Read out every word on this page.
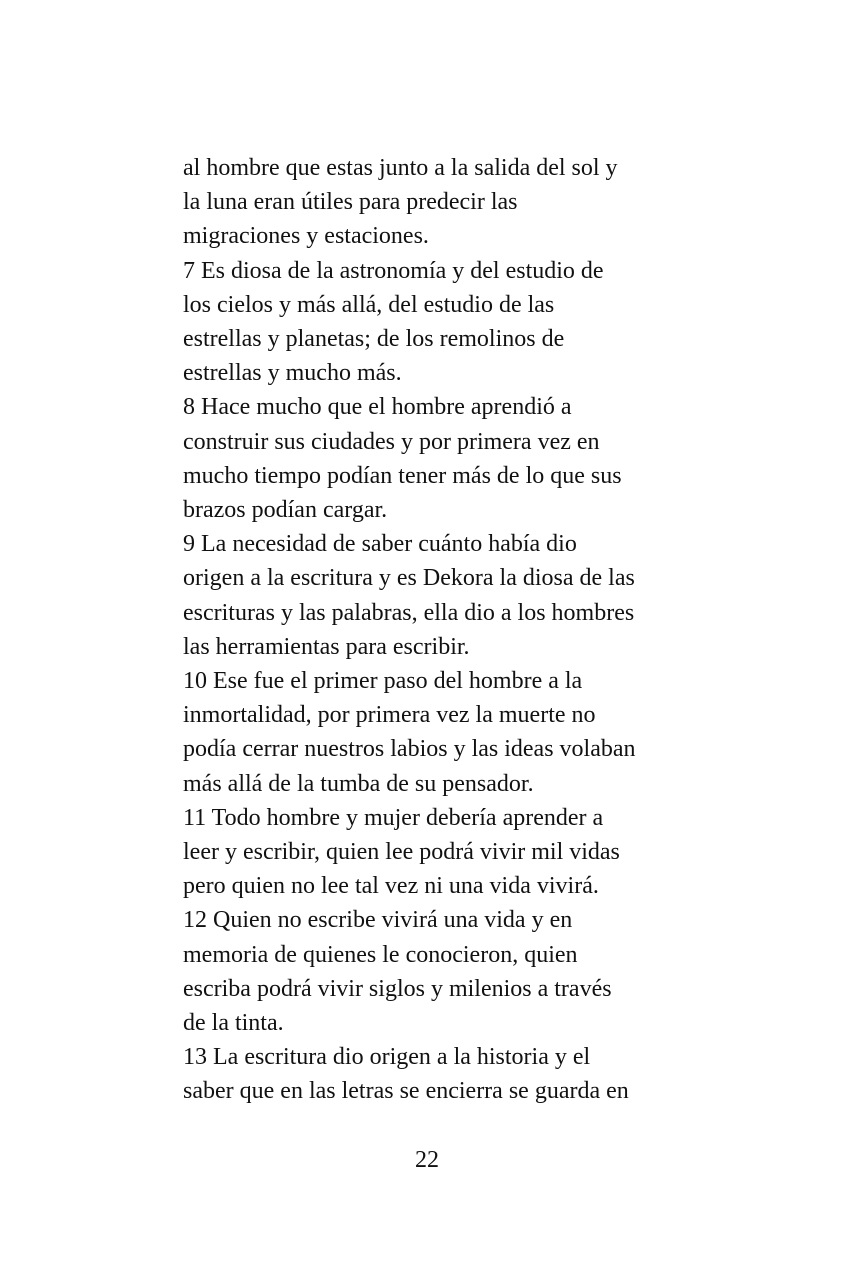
al hombre que estas junto a la salida del sol y

la luna eran útiles para predecir las

migraciones y estaciones.

7 Es diosa de la astronomía y del estudio de

los cielos y más allá, del estudio de las

estrellas y planetas; de los remolinos de

estrellas y mucho más.

8 Hace mucho que el hombre aprendió a

construir sus ciudades y por primera vez en

mucho tiempo podían tener más de lo que sus

brazos podían cargar.

9 La necesidad de saber cuánto había dio

origen a la escritura y es Dekora la diosa de las

escrituras y las palabras, ella dio a los hombres

las herramientas para escribir.

10 Ese fue el primer paso del hombre a la

inmortalidad, por primera vez la muerte no

podía cerrar nuestros labios y las ideas volaban

más allá de la tumba de su pensador.

11 Todo hombre y mujer debería aprender a

leer y escribir, quien lee podrá vivir mil vidas

pero quien no lee tal vez ni una vida vivirá.

12 Quien no escribe vivirá una vida y en

memoria de quienes le conocieron, quien

escriba podrá vivir siglos y milenios a través

de la tinta.

13 La escritura dio origen a la historia y el

saber que en las letras se encierra se guarda en

22
